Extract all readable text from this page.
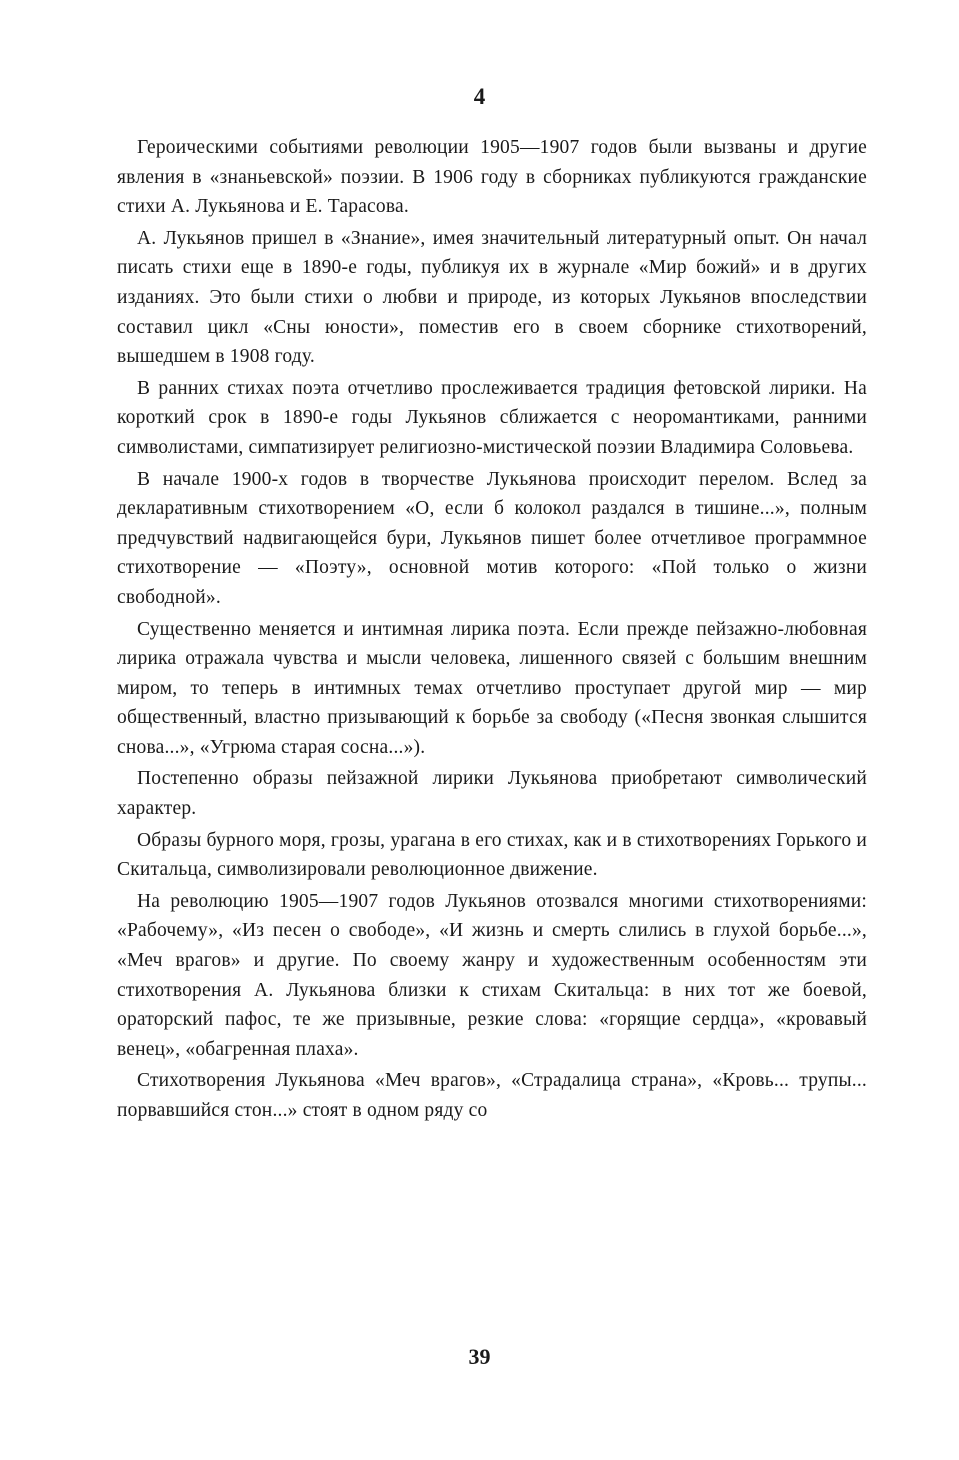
4

Героическими событиями революции 1905—1907 годов были вызваны и другие явления в «знаньевской» поэзии. В 1906 году в сборниках публикуются гражданские стихи А. Лукьянова и Е. Тарасова.

А. Лукьянов пришел в «Знание», имея значительный литературный опыт. Он начал писать стихи еще в 1890-е годы, публикуя их в журнале «Мир божий» и в других изданиях. Это были стихи о любви и природе, из которых Лукьянов впоследствии составил цикл «Сны юности», поместив его в своем сборнике стихотворений, вышедшем в 1908 году.

В ранних стихах поэта отчетливо прослеживается традиция фетовской лирики. На короткий срок в 1890-е годы Лукьянов сближается с неоромантиками, ранними символистами, симпатизирует религиозно-мистической поэзии Владимира Соловьева.

В начале 1900-х годов в творчестве Лукьянова происходит перелом. Вслед за декларативным стихотворением «О, если б колокол раздался в тишине...», полным предчувствий надвигающейся бури, Лукьянов пишет более отчетливое программное стихотворение — «Поэту», основной мотив которого: «Пой только о жизни свободной».

Существенно меняется и интимная лирика поэта. Если прежде пейзажно-любовная лирика отражала чувства и мысли человека, лишенного связей с большим внешним миром, то теперь в интимных темах отчетливо проступает другой мир — мир общественный, властно призывающий к борьбе за свободу («Песня звонкая слышится снова...», «Угрюма старая сосна...»).

Постепенно образы пейзажной лирики Лукьянова приобретают символический характер.

Образы бурного моря, грозы, урагана в его стихах, как и в стихотворениях Горького и Скитальца, символизировали революционное движение.

На революцию 1905—1907 годов Лукьянов отозвался многими стихотворениями: «Рабочему», «Из песен о свободе», «И жизнь и смерть слились в глухой борьбе...», «Меч врагов» и другие. По своему жанру и художественным особенностям эти стихотворения А. Лукьянова близки к стихам Скитальца: в них тот же боевой, ораторский пафос, те же призывные, резкие слова: «горящие сердца», «кровавый венец», «обагренная плаха».

Стихотворения Лукьянова «Меч врагов», «Страдалица страна», «Кровь... трупы... порвавшийся стон...» стоят в одном ряду со

39
